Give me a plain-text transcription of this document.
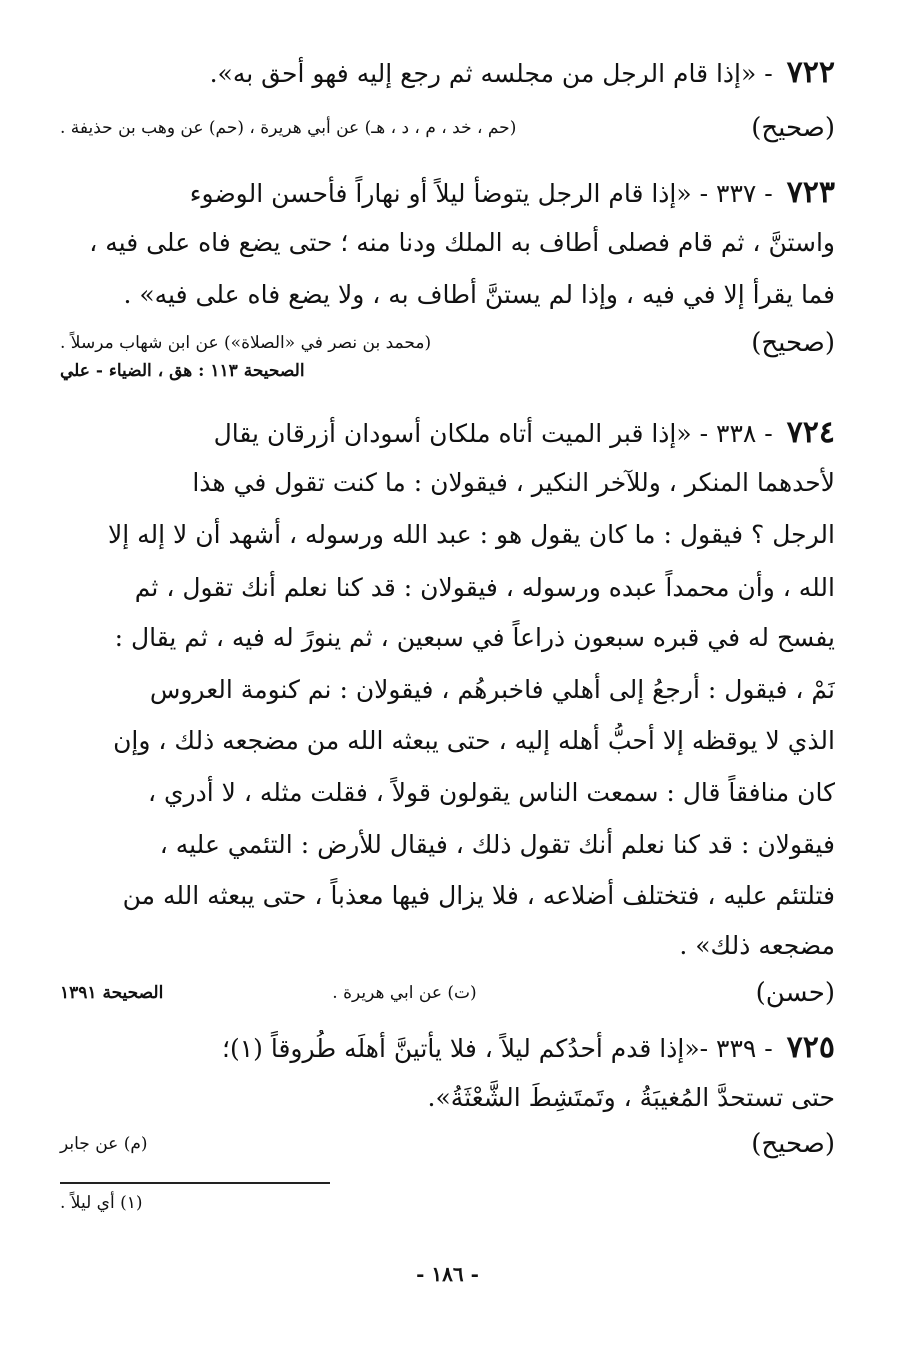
٧٢٢ - «إذا قام الرجل من مجلسه ثم رجع إليه فهو أحق به».
(صحيح)
(حم ، خد ، م ، د ، هـ) عن أبي هريرة ، (حم) عن وهب بن حذيفة .
٧٢٣ - ٣٣٧ - «إذا قام الرجل يتوضأ ليلاً أو نهاراً فأحسن الوضوء
واستنَّ ، ثم قام فصلى أطاف به الملك ودنا منه ؛ حتى يضع فاه على فيه ،
فما يقرأ إلا في فيه ، وإذا لم يستنَّ أطاف به ، ولا يضع فاه على فيه» .
(صحيح)
(محمد بن نصر في «الصلاة») عن ابن شهاب مرسلاً .
الصحيحة ١١٣ : هق ، الضياء - علي
٧٢٤ - ٣٣٨ - «إذا قبر الميت أتاه ملكان أسودان أزرقان يقال
لأحدهما المنكر ، وللآخر النكير ، فيقولان : ما كنت تقول في هذا
الرجل ؟ فيقول : ما كان يقول هو : عبد الله ورسوله ، أشهد أن لا إله إلا
الله ، وأن محمداً عبده ورسوله ، فيقولان : قد كنا نعلم أنك تقول ، ثم
يفسح له في قبره سبعون ذراعاً في سبعين ، ثم ينورً له فيه ، ثم يقال :
نَمْ ، فيقول : أرجعُ إلى أهلي فاخبرهُم ، فيقولان : نم كنومة العروس
الذي لا يوقظه إلا أحبُّ أهله إليه ، حتى يبعثه الله من مضجعه ذلك ، وإن
كان منافقاً قال : سمعت الناس يقولون قولاً ، فقلت مثله ، لا أدري ،
فيقولان : قد كنا نعلم أنك تقول ذلك ، فيقال للأرض : التئمي عليه ،
فتلتئم عليه ، فتختلف أضلاعه ، فلا يزال فيها معذباً ، حتى يبعثه الله من
مضجعه ذلك» .
(حسن)
(ت) عن ابي هريرة .
الصحيحة ١٣٩١
٧٢٥ - ٣٣٩ -«إذا قدم أحدُكم ليلاً ، فلا يأتينَّ أهلَه طُروقاً (١)؛
حتى تستحدَّ المُغيبَةُ ، وتَمتَشِطَ الشَّعْثَةُ».
(صحيح)
(م) عن جابر
(١) أي ليلاً .
- ١٨٦ -
